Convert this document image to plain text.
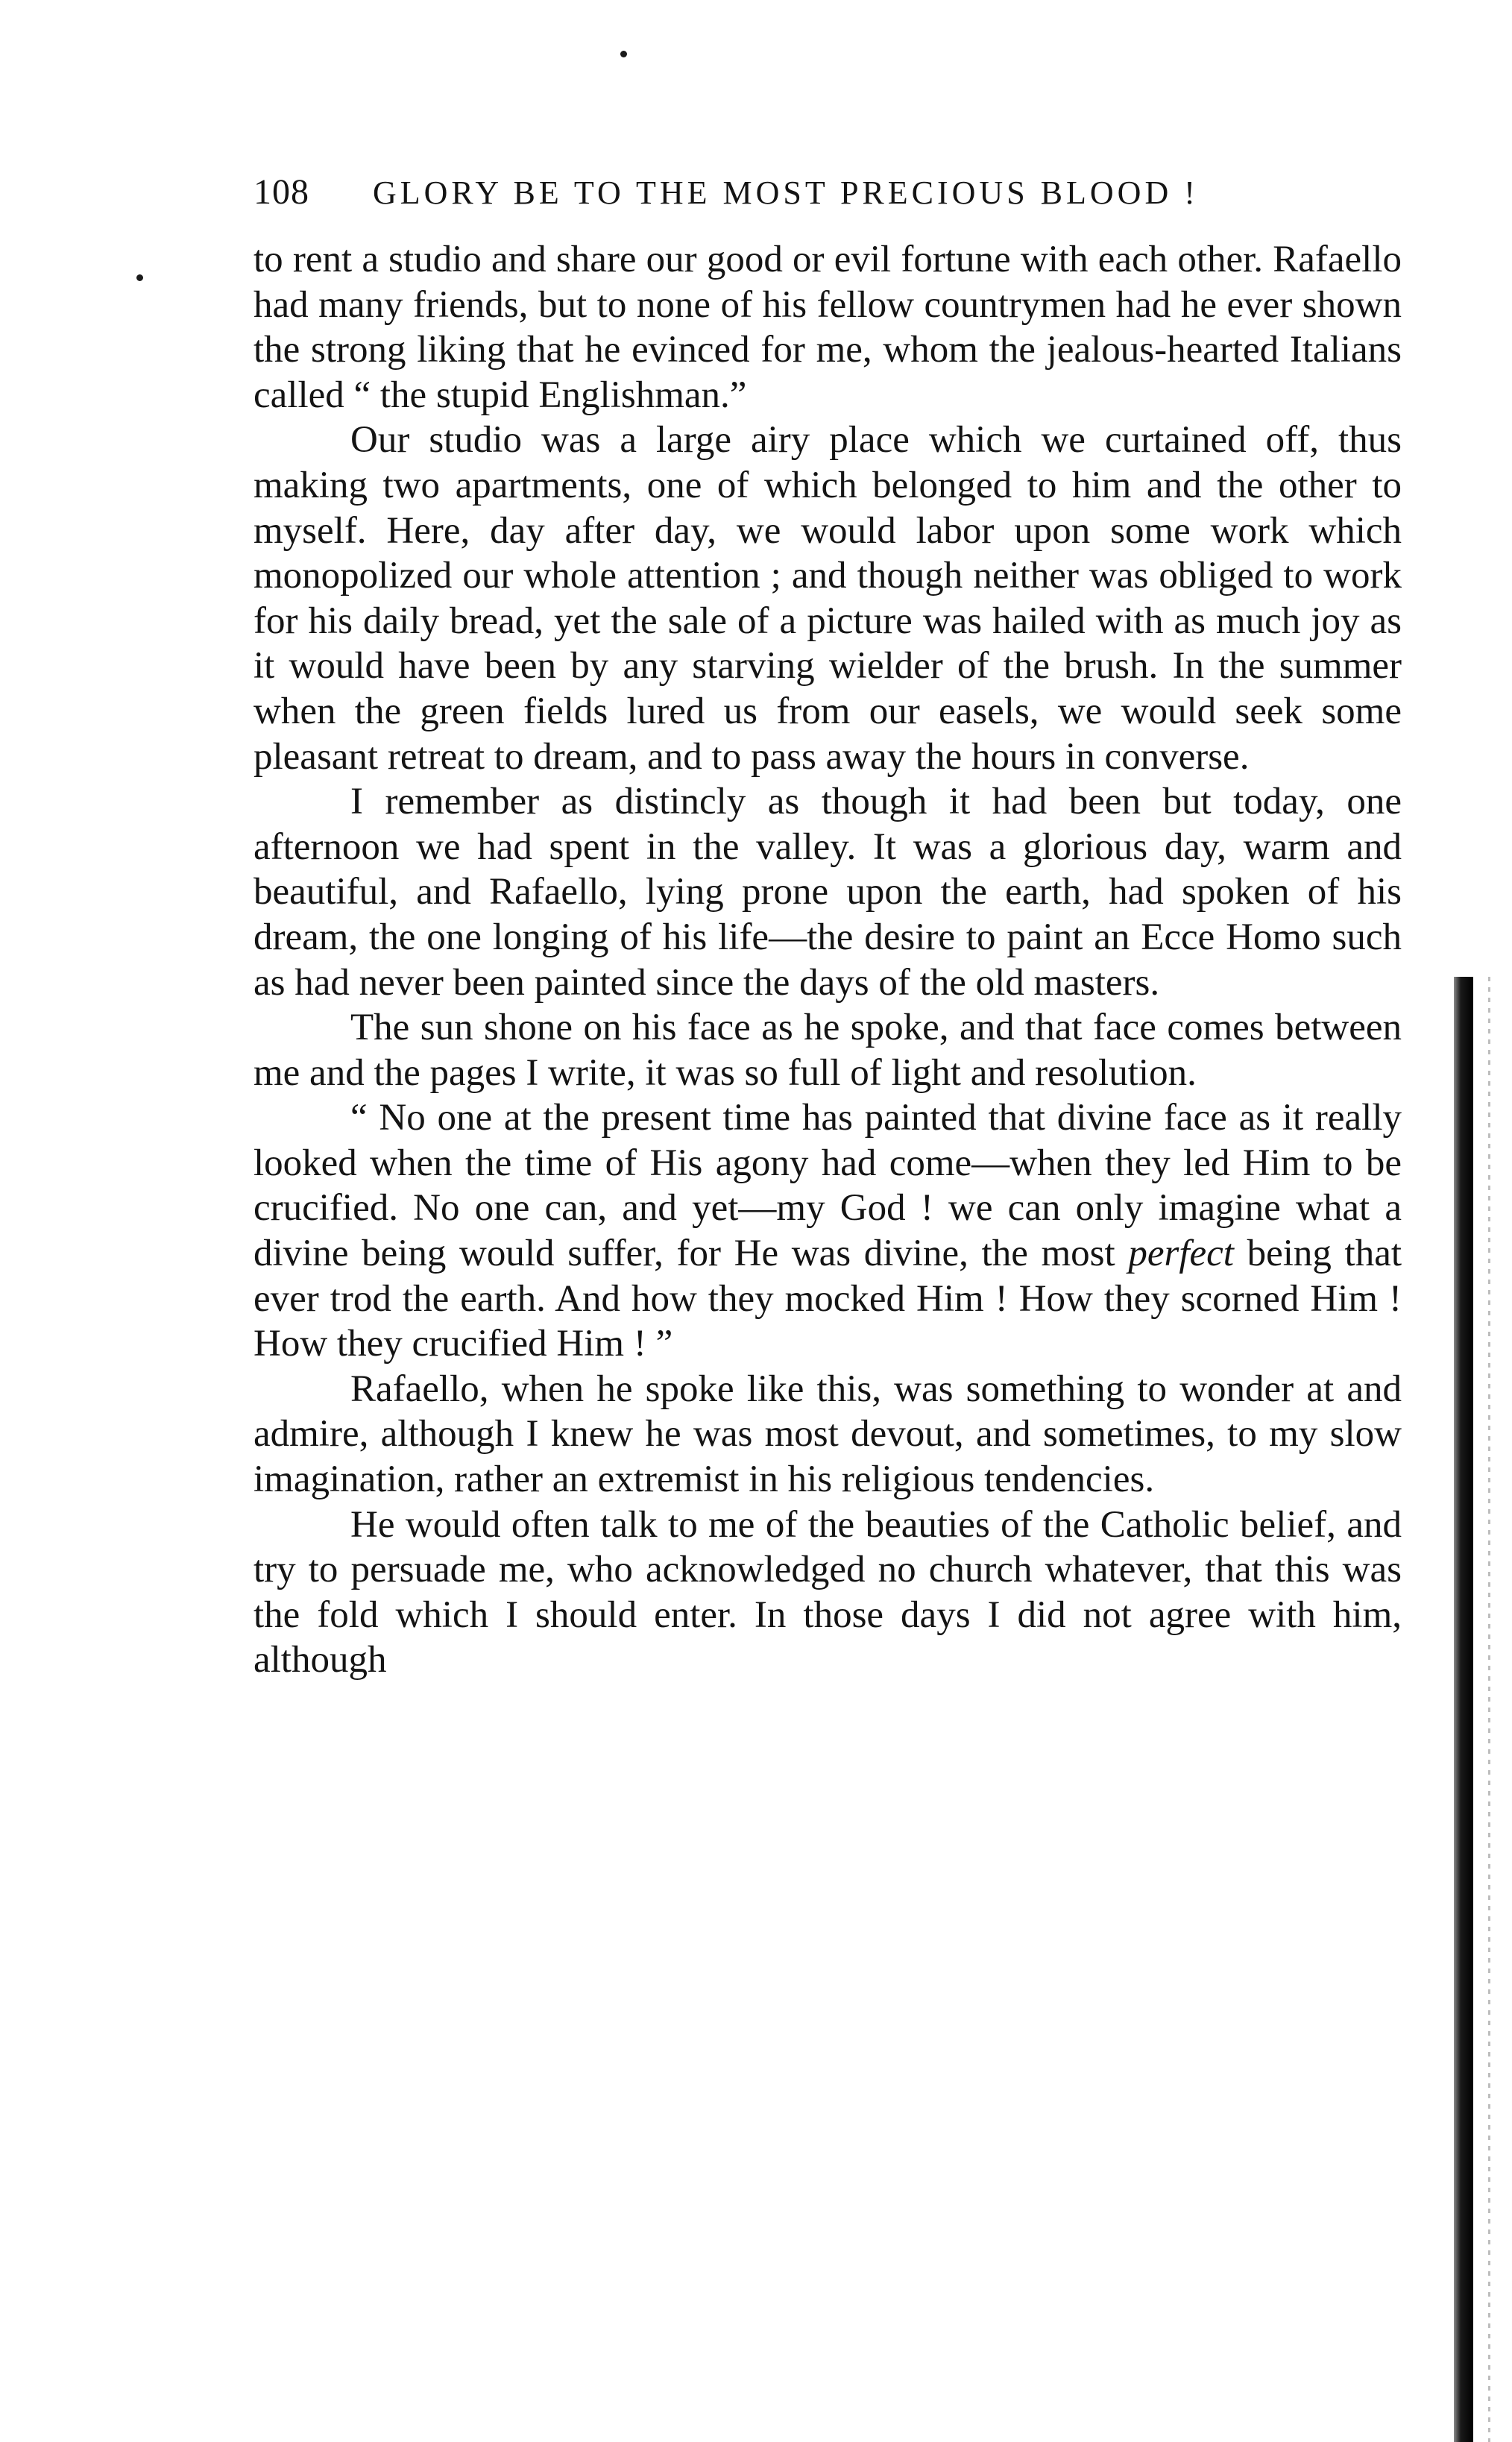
108	GLORY BE TO THE MOST PRECIOUS BLOOD !

to rent a studio and share our good or evil fortune with each other. Rafaello had many friends, but to none of his fellow countrymen had he ever shown the strong liking that he evinced for me, whom the jealous-hearted Italians called “ the stupid Englishman.”

Our studio was a large airy place which we curtained off, thus making two apartments, one of which belonged to him and the other to myself. Here, day after day, we would labor upon some work which monopolized our whole attention ; and though neither was obliged to work for his daily bread, yet the sale of a picture was hailed with as much joy as it would have been by any starving wielder of the brush. In the summer when the green fields lured us from our easels, we would seek some pleasant retreat to dream, and to pass away the hours in converse.

I remember as distincly as though it had been but today, one afternoon we had spent in the valley. It was a glorious day, warm and beautiful, and Rafaello, lying prone upon the earth, had spoken of his dream, the one longing of his life—the desire to paint an Ecce Homo such as had never been painted since the days of the old masters.

The sun shone on his face as he spoke, and that face comes between me and the pages I write, it was so full of light and resolution.

“ No one at the present time has painted that divine face as it really looked when the time of His agony had come—when they led Him to be crucified. No one can, and yet—my God ! we can only imagine what a divine being would suffer, for He was divine, the most perfect being that ever trod the earth. And how they mocked Him ! How they scorned Him ! How they crucified Him ! ”

Rafaello, when he spoke like this, was something to wonder at and admire, although I knew he was most devout, and sometimes, to my slow imagination, rather an extremist in his religious tendencies.

He would often talk to me of the beauties of the Catholic belief, and try to persuade me, who acknowledged no church whatever, that this was the fold which I should enter. In those days I did not agree with him, although
